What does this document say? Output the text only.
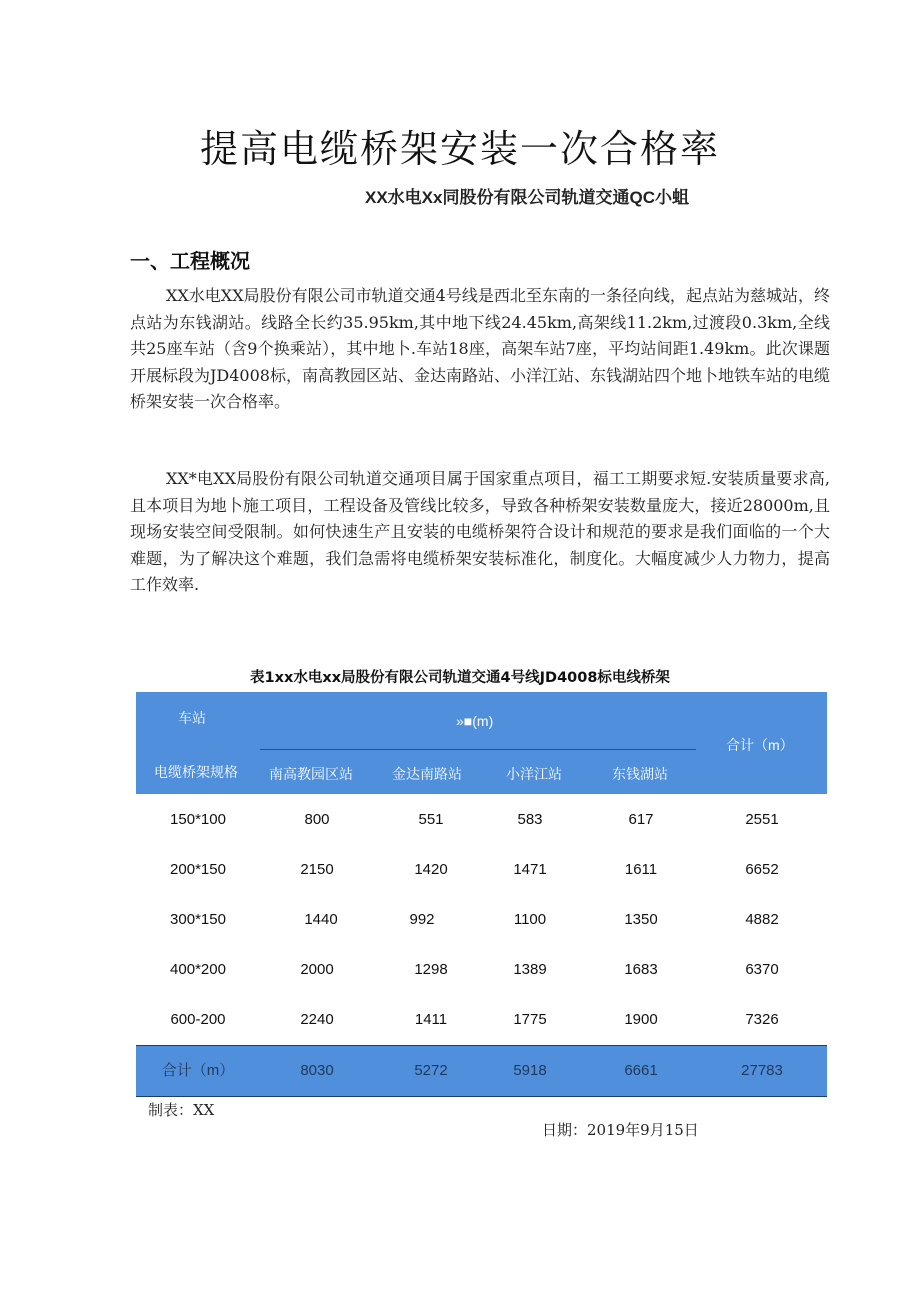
提高电缆桥架安装一次合格率
XX水电Xx同股份有限公司轨道交通QC小蛆
一、工程概况
XX水电XX局股份有限公司市轨道交通4号线是西北至东南的一条径向线，起点站为慈城站，终点站为东钱湖站。线路全长约35.95km,其中地下线24.45km,高架线11.2km,过渡段0.3km,全线共25座车站（含9个换乘站），其中地卜.车站18座，高架车站7座，平均站间距1.49km。此次课题开展标段为JD4008标，南高教园区站、金达南路站、小洋江站、东钱湖站四个地卜地铁车站的电缆桥架安装一次合格率。
XX*电XX局股份有限公司轨道交通项目属于国家重点项目，福工工期要求短.安装质量要求高,且本项目为地卜施工项目，工程设备及管线比较多，导致各种桥架安装数量庞大，接近28000m,且现场安装空间受限制。如何快速生产且安装的电缆桥架符合设计和规范的要求是我们面临的一个大难题，为了解决这个难题，我们急需将电缆桥架安装标准化，制度化。大幅度减少人力物力，提高工作效率.
表1xx水电xx局股份有限公司轨道交通4号线JD4008标电线桥架
车站
电缆桥架规格
»■(m)
合计（m）
南高教园区站	金达南路站	小洋江站	东钱湖站
150*100	800	551	583	617	2551
200*150	2150	1420	1471	1611	6652
300*150	1440	992	1100	1350	4882
400*200	2000	1298	1389	1683	6370
600-200	2240	1411	1775	1900	7326
合计（m）	8030	5272	5918	6661	27783
制表：XX
日期：2019年9月15日
